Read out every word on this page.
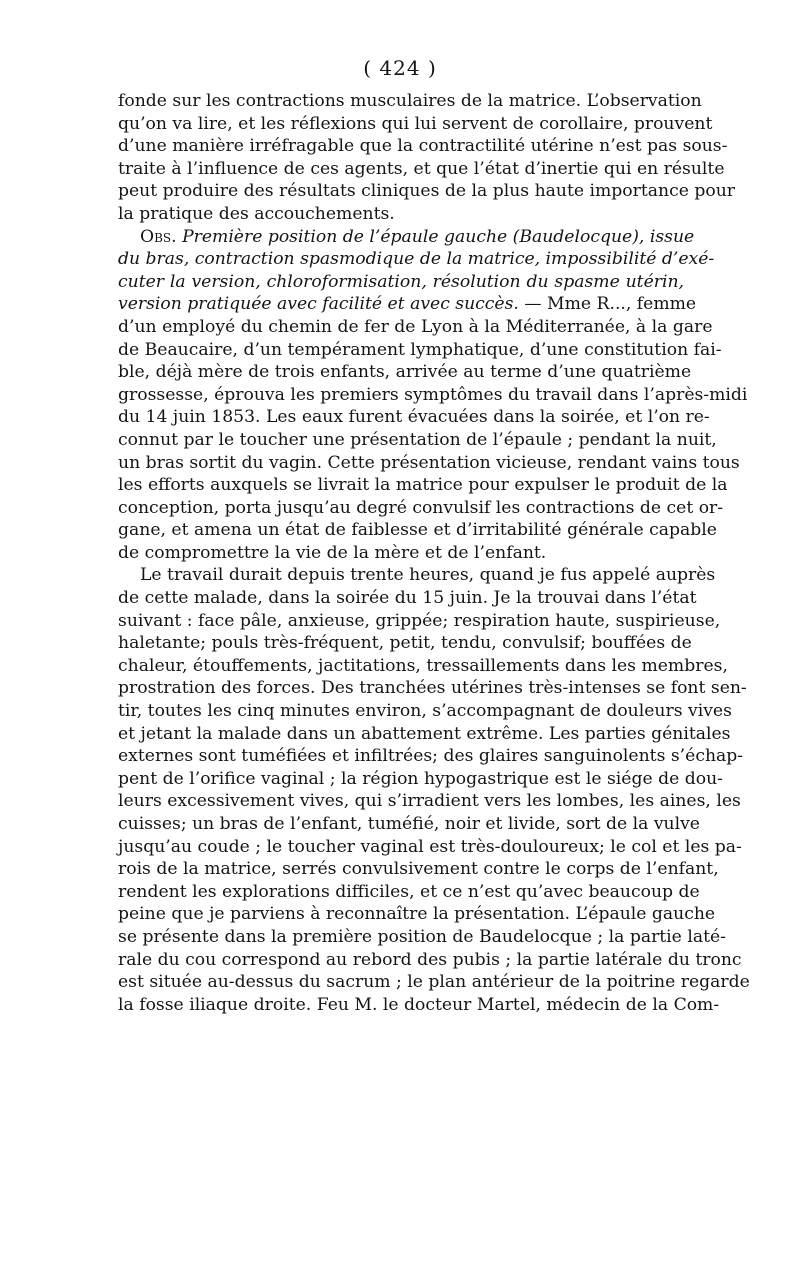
( 424 )
fonde sur les contractions musculaires de la matrice. L’observation
qu’on va lire, et les réflexions qui lui servent de corollaire, prouvent
d’une manière irréfragable que la contractilité utérine n’est pas sous-
traite à l’influence de ces agents, et que l’état d’inertie qui en résulte
peut produire des résultats cliniques de la plus haute importance pour
la pratique des accouchements.
Obs. Première position de l’épaule gauche (Baudelocque), issue
du bras, contraction spasmodique de la matrice, impossibilité d’exé-
cuter la version, chloroformisation, résolution du spasme utérin,
version pratiquée avec facilité et avec succès. — Mme R..., femme
d’un employé du chemin de fer de Lyon à la Méditerranée, à la gare
de Beaucaire, d’un tempérament lymphatique, d’une constitution fai-
ble, déjà mère de trois enfants, arrivée au terme d’une quatrième
grossesse, éprouva les premiers symptômes du travail dans l’après-midi
du 14 juin 1853. Les eaux furent évacuées dans la soirée, et l’on re-
connut par le toucher une présentation de l’épaule ; pendant la nuit,
un bras sortit du vagin. Cette présentation vicieuse, rendant vains tous
les efforts auxquels se livrait la matrice pour expulser le produit de la
conception, porta jusqu’au degré convulsif les contractions de cet or-
gane, et amena un état de faiblesse et d’irritabilité générale capable
de compromettre la vie de la mère et de l’enfant.
Le travail durait depuis trente heures, quand je fus appelé auprès
de cette malade, dans la soirée du 15 juin. Je la trouvai dans l’état
suivant : face pâle, anxieuse, grippée; respiration haute, suspirieuse,
haletante; pouls très-fréquent, petit, tendu, convulsif; bouffées de
chaleur, étouffements, jactitations, tressaillements dans les membres,
prostration des forces. Des tranchées utérines très-intenses se font sen-
tir, toutes les cinq minutes environ, s’accompagnant de douleurs vives
et jetant la malade dans un abattement extrême. Les parties génitales
externes sont tuméfiées et infiltrées; des glaires sanguinolents s’échap-
pent de l’orifice vaginal ; la région hypogastrique est le siége de dou-
leurs excessivement vives, qui s’irradient vers les lombes, les aines, les
cuisses; un bras de l’enfant, tuméfié, noir et livide, sort de la vulve
jusqu’au coude ; le toucher vaginal est très-douloureux; le col et les pa-
rois de la matrice, serrés convulsivement contre le corps de l’enfant,
rendent les explorations difficiles, et ce n’est qu’avec beaucoup de
peine que je parviens à reconnaître la présentation. L’épaule gauche
se présente dans la première position de Baudelocque ; la partie laté-
rale du cou correspond au rebord des pubis ; la partie latérale du tronc
est située au-dessus du sacrum ; le plan antérieur de la poitrine regarde
la fosse iliaque droite. Feu M. le docteur Martel, médecin de la Com-
